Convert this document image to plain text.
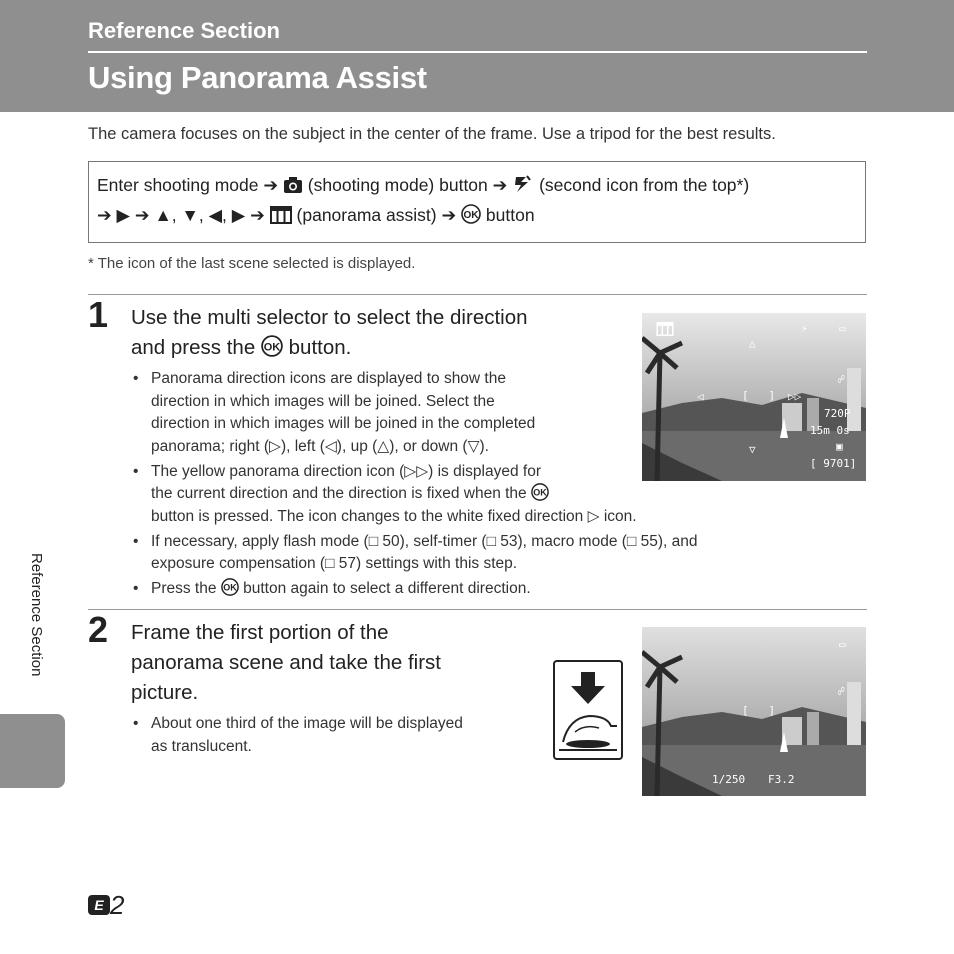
Reference Section
Using Panorama Assist
The camera focuses on the subject in the center of the frame. Use a tripod for the best results.
Enter shooting mode ➔ (shooting mode) button ➔ (second icon from the top*)
➔ ▶ ➔ ▲, ▼, ◀, ▶ ➔ (panorama assist) ➔ OK button
* The icon of the last scene selected is displayed.
1 Use the multi selector to select the direction
and press the OK button.
• Panorama direction icons are displayed to show the
direction in which images will be joined. Select the
direction in which images will be joined in the completed
panorama; right (▷), left (◁), up (△), or down (▽).
• The yellow panorama direction icon (▷▷) is displayed for
the current direction and the direction is fixed when the OK
button is pressed. The icon changes to the white fixed direction ▷ icon.
• If necessary, apply flash mode (□ 50), self-timer (□ 53), macro mode (□ 55), and
exposure compensation (□ 57) settings with this step.
• Press the OK button again to select a different direction.
⚡	▭
△
◁	[   ] ▷▷
☍
720P
15m 0s
▣
▽
[ 9701]
2 Frame the first portion of the
panorama scene and take the first
picture.
• About one third of the image will be displayed
as translucent.
▭
☍
[   ]
1/250 F3.2
Reference Section
E 2
